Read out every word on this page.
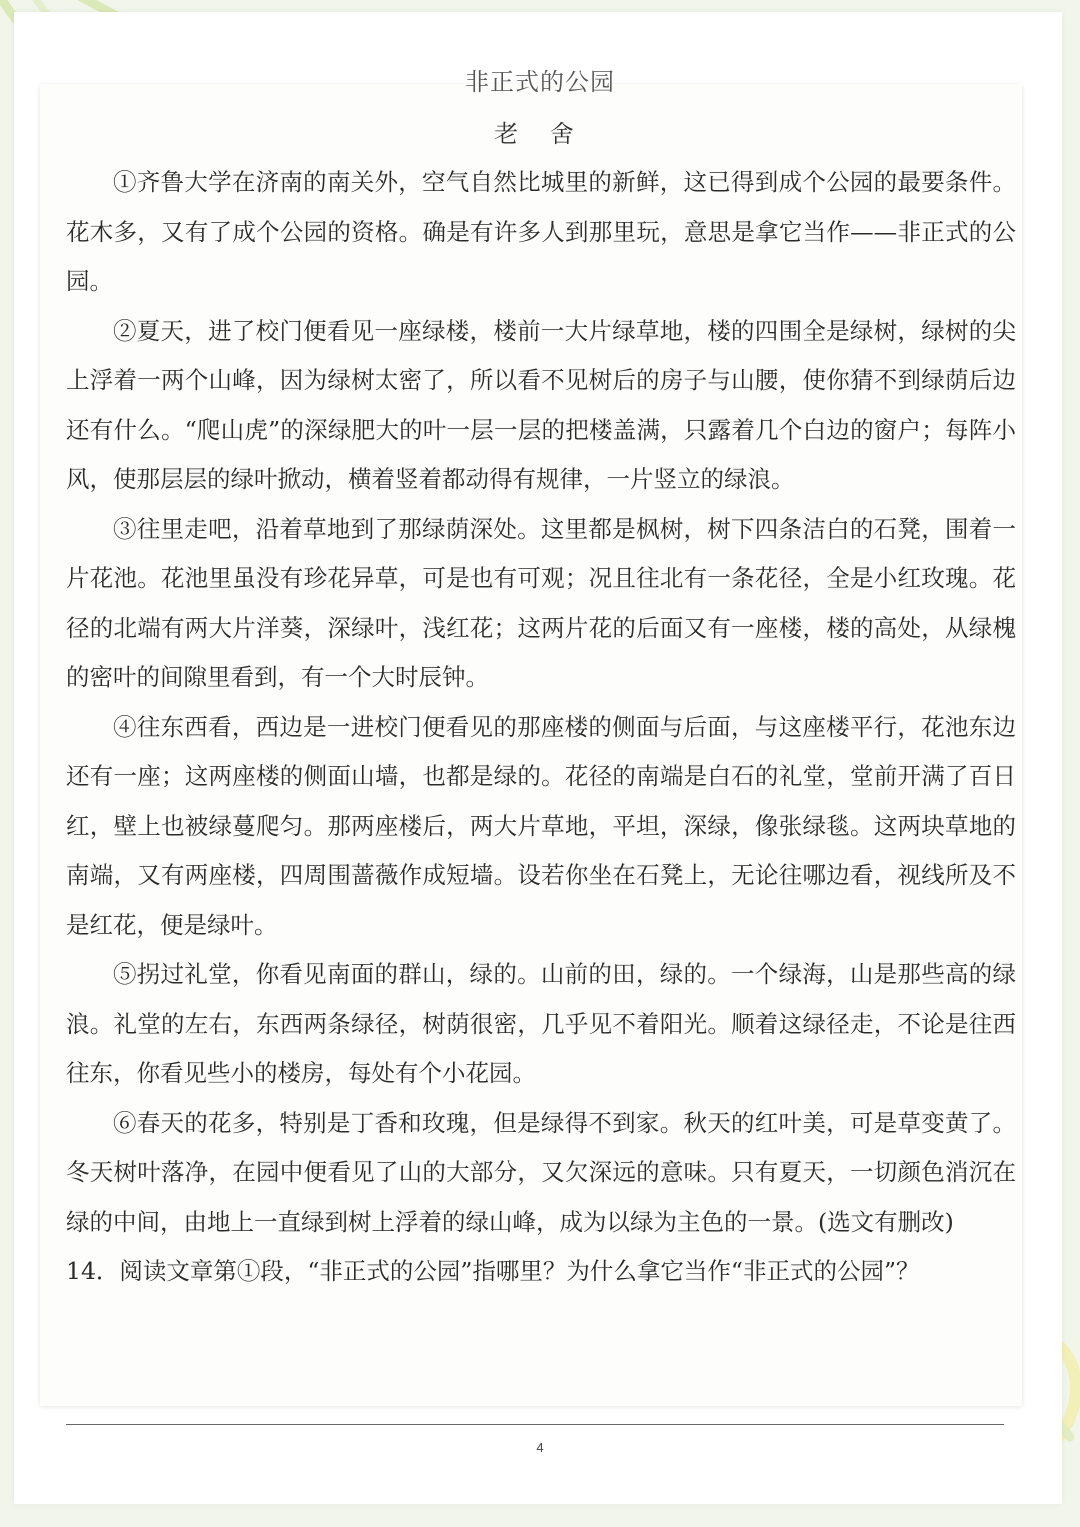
非正式的公园
老 舍

①齐鲁大学在济南的南关外，空气自然比城里的新鲜，这已得到成个公园的最要条件。花木多，又有了成个公园的资格。确是有许多人到那里玩，意思是拿它当作——非正式的公园。

②夏天，进了校门便看见一座绿楼，楼前一大片绿草地，楼的四围全是绿树，绿树的尖上浮着一两个山峰，因为绿树太密了，所以看不见树后的房子与山腰，使你猜不到绿荫后边还有什么。“爬山虎”的深绿肥大的叶一层一层的把楼盖满，只露着几个白边的窗户；每阵小风，使那层层的绿叶掀动，横着竖着都动得有规律，一片竖立的绿浪。

③往里走吧，沿着草地到了那绿荫深处。这里都是枫树，树下四条洁白的石凳，围着一片花池。花池里虽没有珍花异草，可是也有可观；况且往北有一条花径，全是小红玫瑰。花径的北端有两大片洋葵，深绿叶，浅红花；这两片花的后面又有一座楼，楼的高处，从绿槐的密叶的间隙里看到，有一个大时辰钟。

④往东西看，西边是一进校门便看见的那座楼的侧面与后面，与这座楼平行，花池东边还有一座；这两座楼的侧面山墙，也都是绿的。花径的南端是白石的礼堂，堂前开满了百日红，壁上也被绿蔓爬匀。那两座楼后，两大片草地，平坦，深绿，像张绿毯。这两块草地的南端，又有两座楼，四周围蔷薇作成短墙。设若你坐在石凳上，无论往哪边看，视线所及不是红花，便是绿叶。

⑤拐过礼堂，你看见南面的群山，绿的。山前的田，绿的。一个绿海，山是那些高的绿浪。礼堂的左右，东西两条绿径，树荫很密，几乎见不着阳光。顺着这绿径走，不论是往西往东，你看见些小的楼房，每处有个小花园。

⑥春天的花多，特别是丁香和玫瑰，但是绿得不到家。秋天的红叶美，可是草变黄了。冬天树叶落净，在园中便看见了山的大部分，又欠深远的意味。只有夏天，一切颜色消沉在绿的中间，由地上一直绿到树上浮着的绿山峰，成为以绿为主色的一景。(选文有删改)

14．阅读文章第①段，“非正式的公园”指哪里？为什么拿它当作“非正式的公园”？

4
